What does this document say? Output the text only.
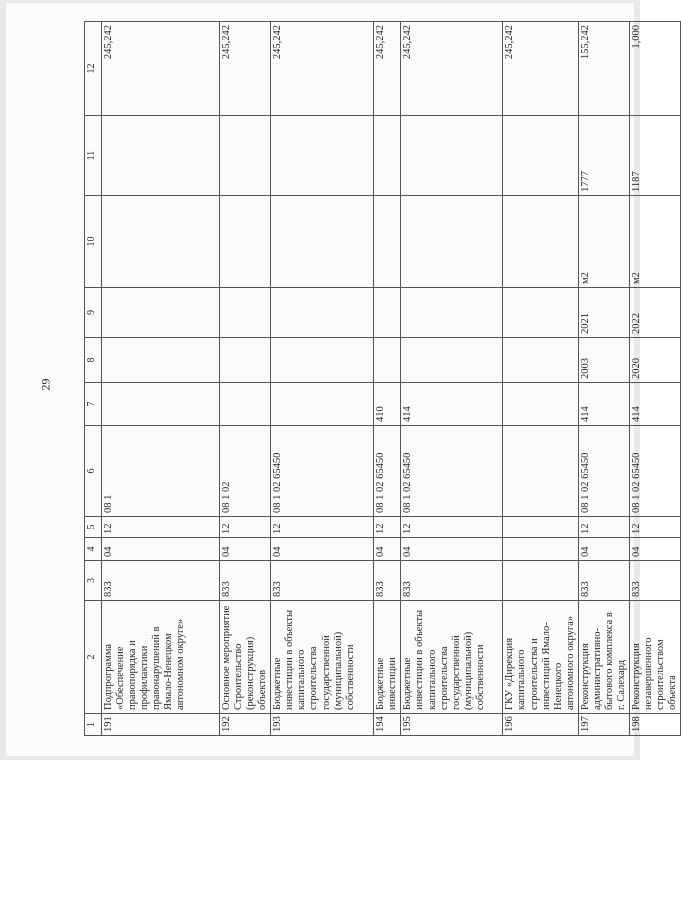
29
1	2	3	4	5	6	7	8	9	10	11	12
191	Подпрограмма «Обеспечение правопорядка и профилактики правонарушений в Ямало-Ненецком автономном округе»	833	04	12	08 1						245,242
192	Основное мероприятие Строительство (реконструкция) объектов	833	04	12	08 1 02						245,242
193	Бюджетные инвестиции в объекты капитального строительства государственной (муниципальной) собственности	833	04	12	08 1 02 65450						245,242
194	Бюджетные инвестиции	833	04	12	08 1 02 65450	410					245,242
195	Бюджетные инвестиции в объекты капитального строительства государственной (муниципальной) собственности	833	04	12	08 1 02 65450	414					245,242
196	ГКУ «Дирекция капитального строительства и инвестиций Ямало-Ненецкого автономного округа»										245,242
197	Реконструкция административно-бытового комплекса в г. Салехард	833	04	12	08 1 02 65450	414	2003	2021	м2	1777	155,242
198	Реконструкция незавершенного строительством объекта	833	04	12	08 1 02 65450	414	2020	2022	м2	1187	1,000
